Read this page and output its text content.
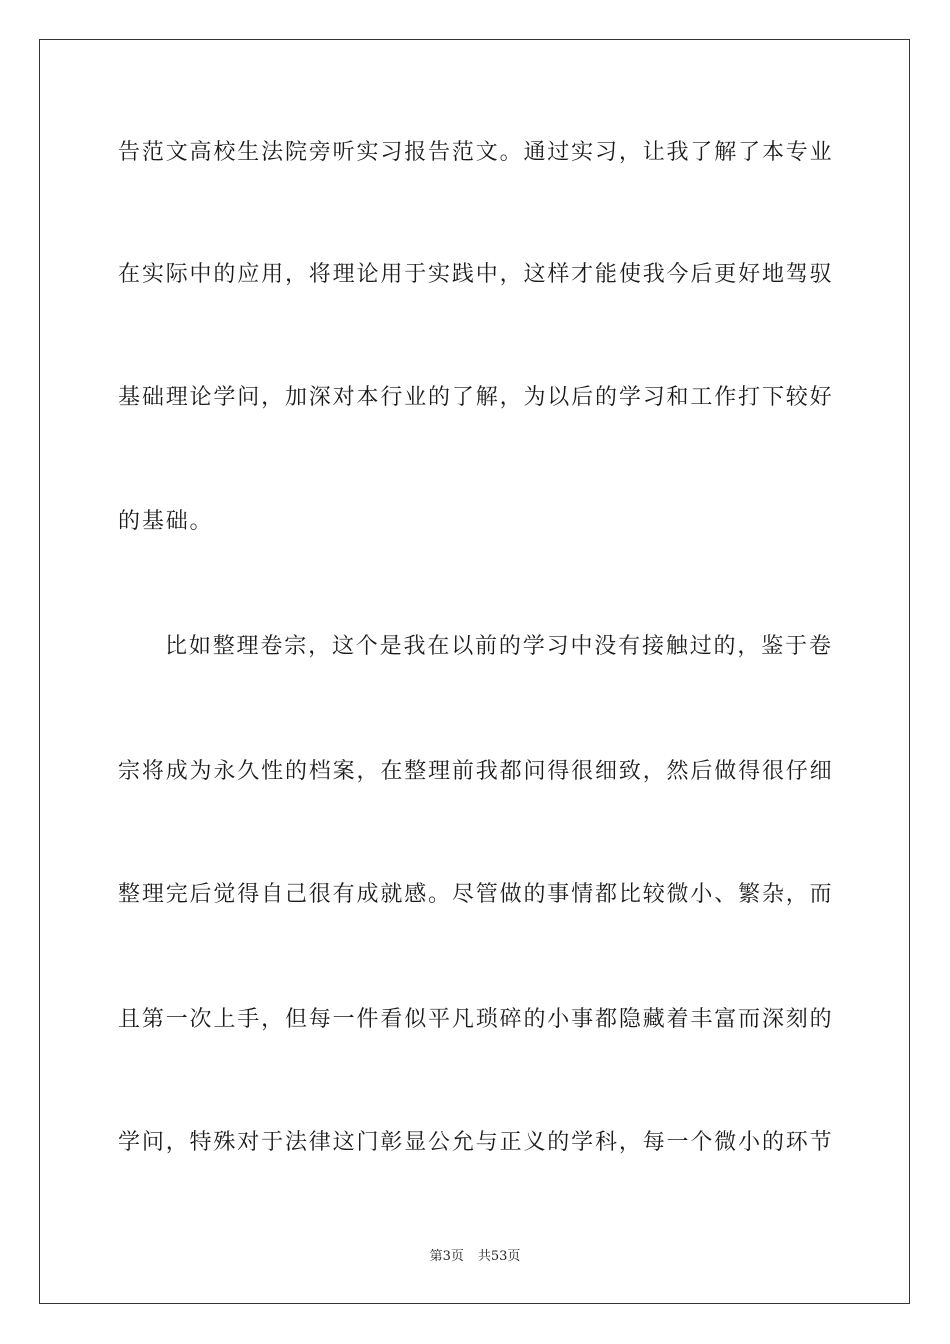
告范文高校生法院旁听实习报告范文。通过实习，让我了解了本专业
在实际中的应用，将理论用于实践中，这样才能使我今后更好地驾驭
基础理论学问，加深对本行业的了解，为以后的学习和工作打下较好
的基础。
比如整理卷宗，这个是我在以前的学习中没有接触过的，鉴于卷
宗将成为永久性的档案，在整理前我都问得很细致，然后做得很仔细
整理完后觉得自己很有成就感。尽管做的事情都比较微小、繁杂，而
且第一次上手，但每一件看似平凡琐碎的小事都隐藏着丰富而深刻的
学问，特殊对于法律这门彰显公允与正义的学科，每一个微小的环节
第3页 共53页
